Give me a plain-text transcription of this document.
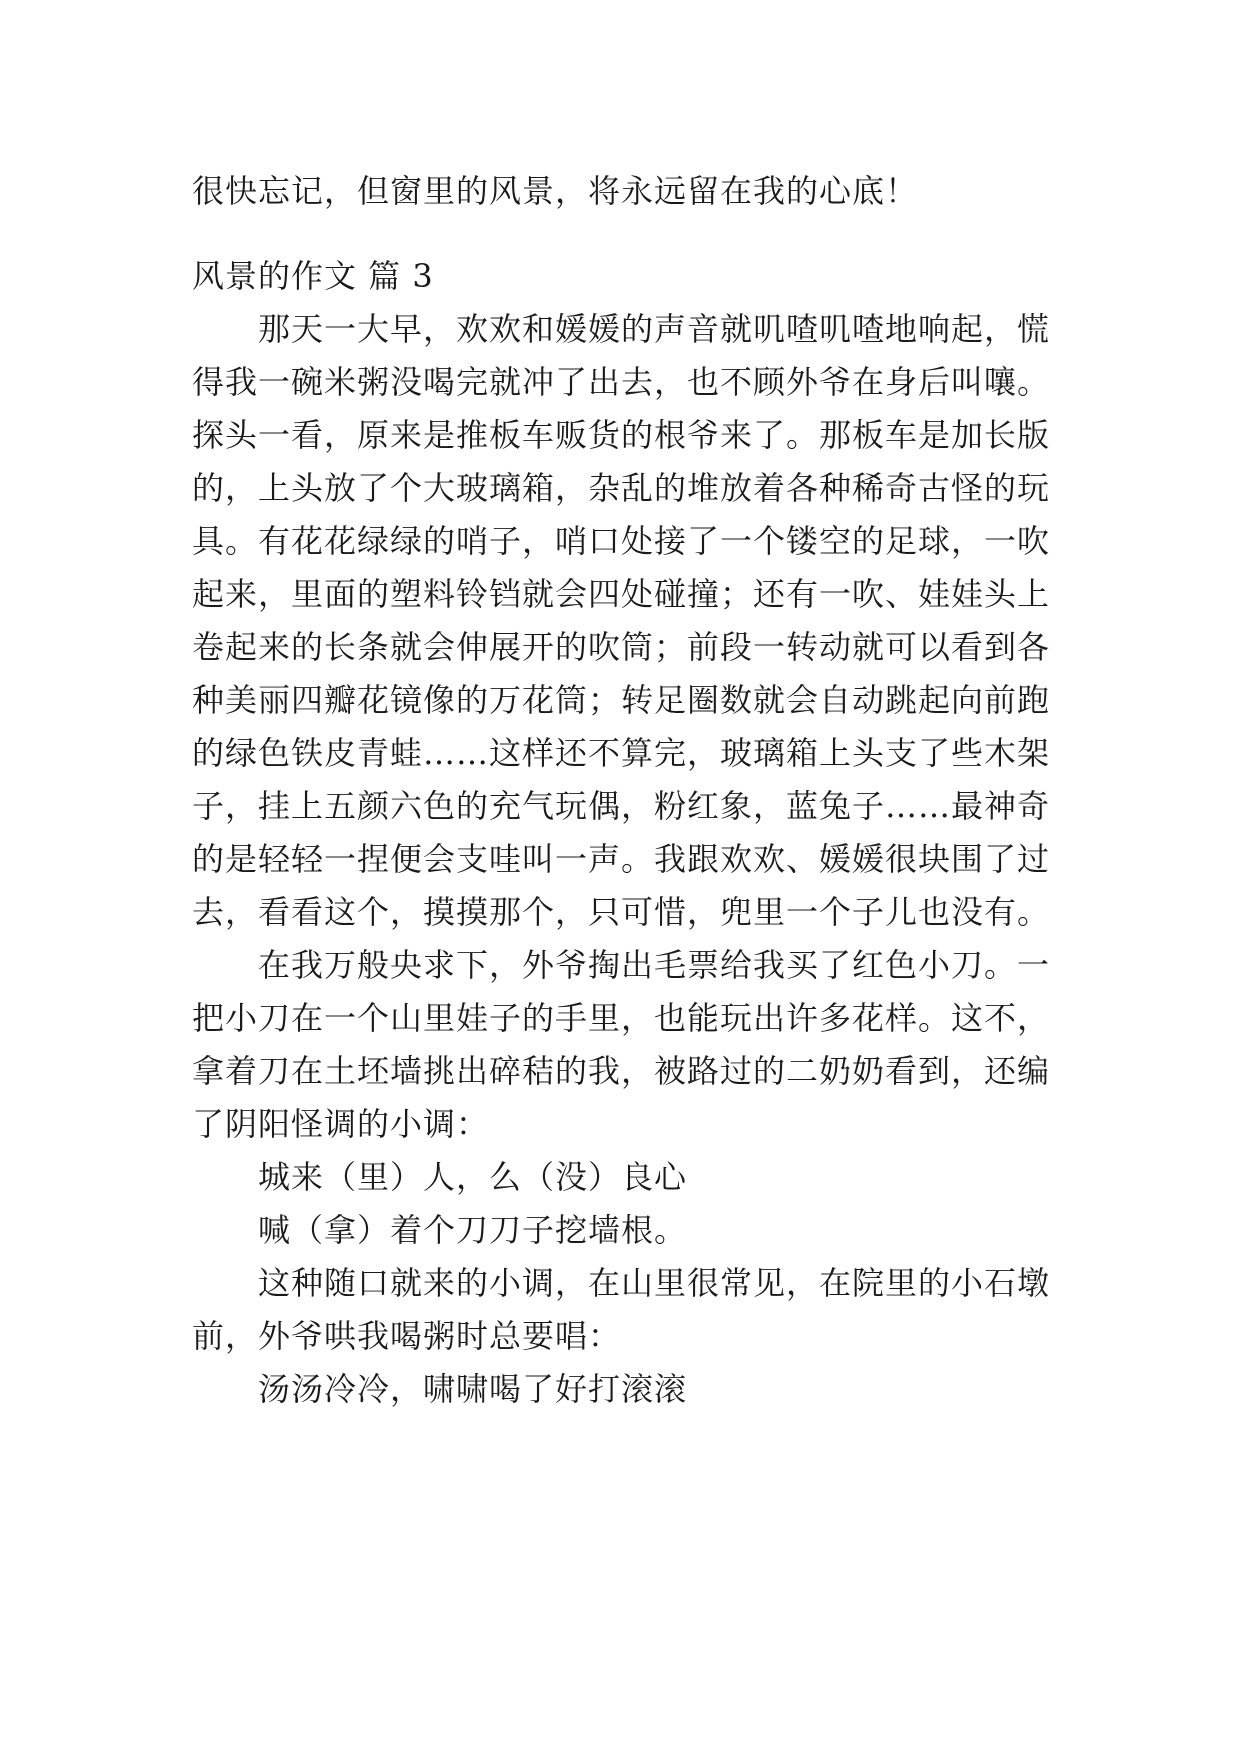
很快忘记，但窗里的风景，将永远留在我的心底！
风景的作文 篇 3
那天一大早，欢欢和媛媛的声音就叽喳叽喳地响起，慌
得我一碗米粥没喝完就冲了出去，也不顾外爷在身后叫嚷。
探头一看，原来是推板车贩货的根爷来了。那板车是加长版
的，上头放了个大玻璃箱，杂乱的堆放着各种稀奇古怪的玩
具。有花花绿绿的哨子，哨口处接了一个镂空的足球，一吹
起来，里面的塑料铃铛就会四处碰撞；还有一吹、娃娃头上
卷起来的长条就会伸展开的吹筒；前段一转动就可以看到各
种美丽四瓣花镜像的万花筒；转足圈数就会自动跳起向前跑
的绿色铁皮青蛙……这样还不算完，玻璃箱上头支了些木架
子，挂上五颜六色的充气玩偶，粉红象，蓝兔子……最神奇
的是轻轻一捏便会支哇叫一声。我跟欢欢、媛媛很块围了过
去，看看这个，摸摸那个，只可惜，兜里一个子儿也没有。
在我万般央求下，外爷掏出毛票给我买了红色小刀。一
把小刀在一个山里娃子的手里，也能玩出许多花样。这不，
拿着刀在土坯墙挑出碎秸的我，被路过的二奶奶看到，还编
了阴阳怪调的小调：
城来（里）人，么（没）良心
喊（拿）着个刀刀子挖墙根。
这种随口就来的小调，在山里很常见，在院里的小石墩
前，外爷哄我喝粥时总要唱：
汤汤冷冷，啸啸喝了好打滚滚
